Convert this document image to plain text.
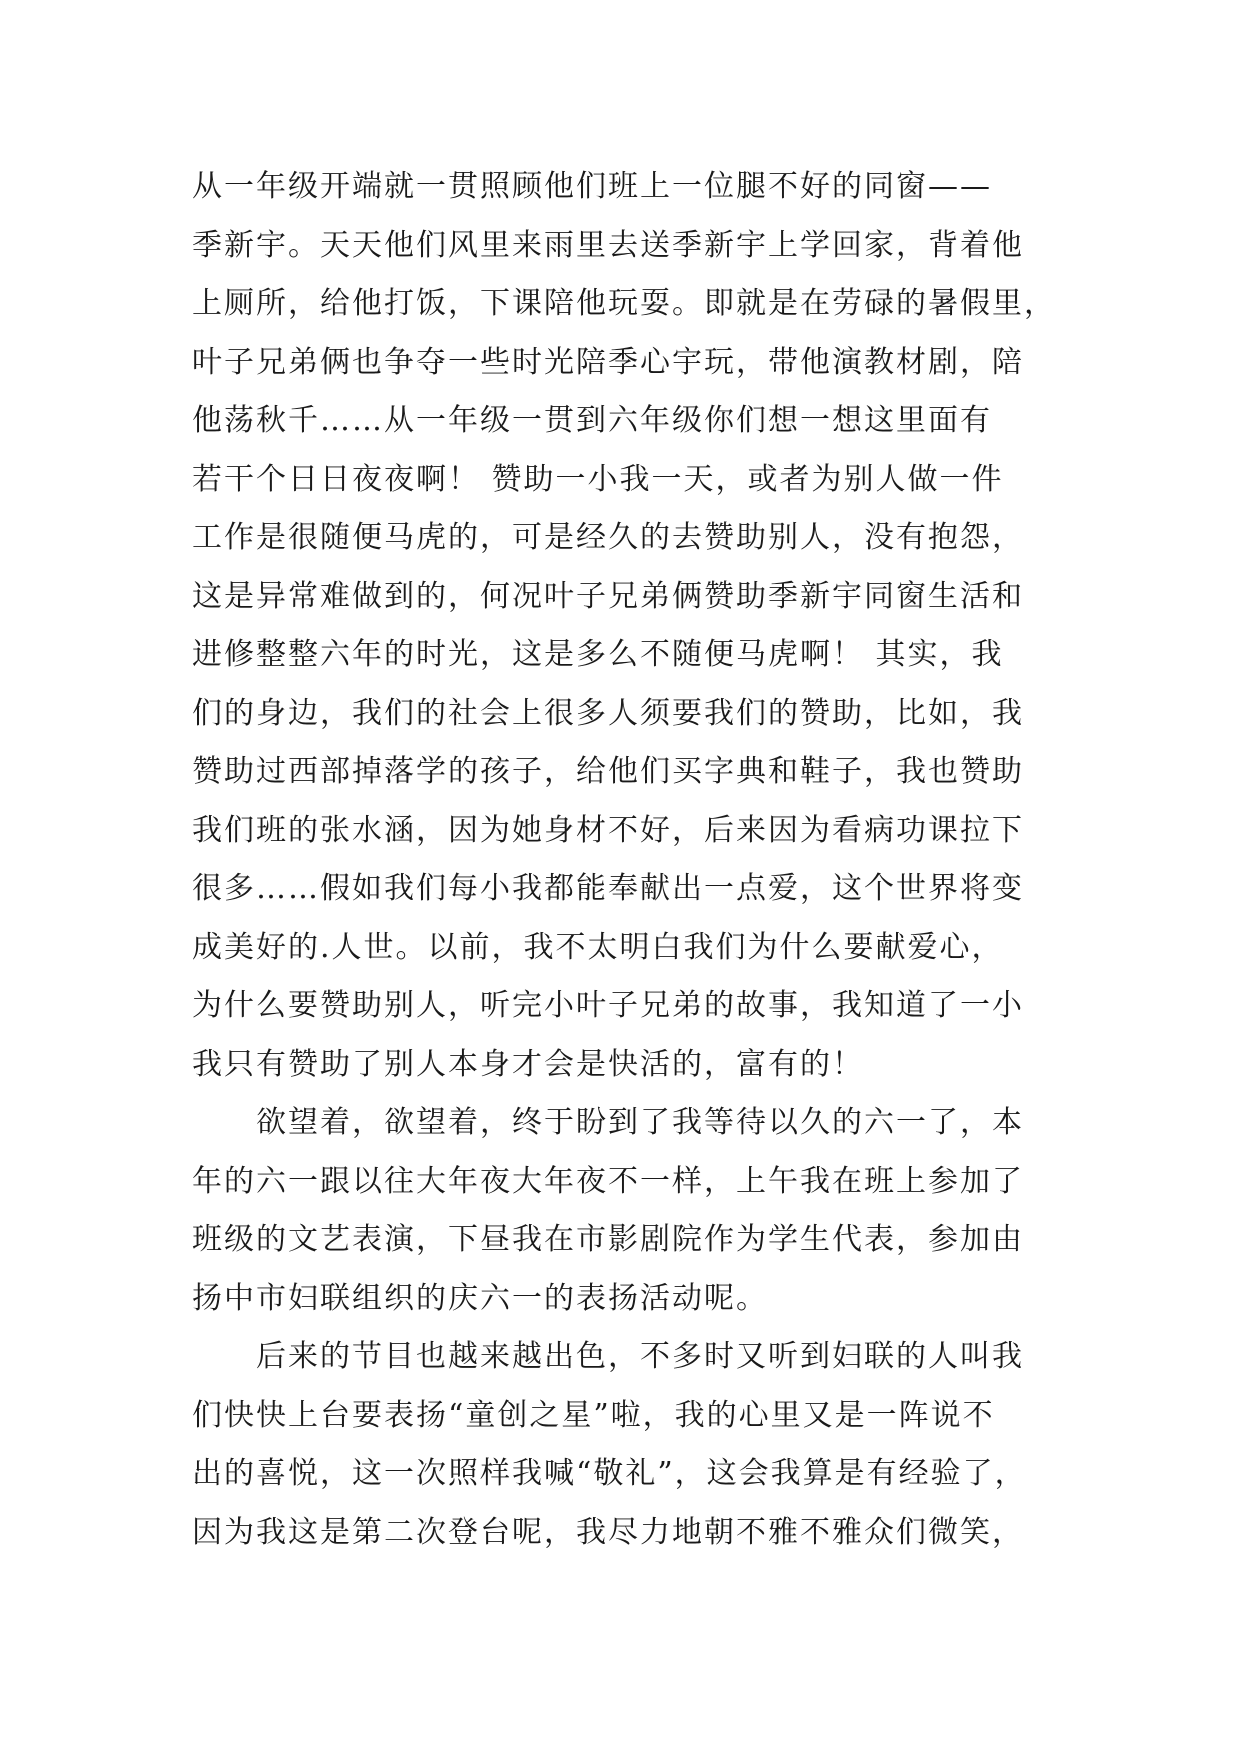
从一年级开端就一贯照顾他们班上一位腿不好的同窗——
季新宇。天天他们风里来雨里去送季新宇上学回家，背着他
上厕所，给他打饭，下课陪他玩耍。即就是在劳碌的暑假里，
叶子兄弟俩也争夺一些时光陪季心宇玩，带他演教材剧，陪
他荡秋千……从一年级一贯到六年级你们想一想这里面有
若干个日日夜夜啊！ 赞助一小我一天，或者为别人做一件
工作是很随便马虎的，可是经久的去赞助别人，没有抱怨，
这是异常难做到的，何况叶子兄弟俩赞助季新宇同窗生活和
进修整整六年的时光，这是多么不随便马虎啊！ 其实，我
们的身边，我们的社会上很多人须要我们的赞助，比如，我
赞助过西部掉落学的孩子，给他们买字典和鞋子，我也赞助
我们班的张水涵，因为她身材不好，后来因为看病功课拉下
很多……假如我们每小我都能奉献出一点爱，这个世界将变
成美好的.人世。以前，我不太明白我们为什么要献爱心，
为什么要赞助别人，听完小叶子兄弟的故事，我知道了一小
我只有赞助了别人本身才会是快活的，富有的！
　　欲望着，欲望着，终于盼到了我等待以久的六一了，本
年的六一跟以往大年夜大年夜不一样，上午我在班上参加了
班级的文艺表演，下昼我在市影剧院作为学生代表，参加由
扬中市妇联组织的庆六一的表扬活动呢。
　　后来的节目也越来越出色，不多时又听到妇联的人叫我
们快快上台要表扬“童创之星”啦，我的心里又是一阵说不
出的喜悦，这一次照样我喊“敬礼”，这会我算是有经验了，
因为我这是第二次登台呢，我尽力地朝不雅不雅众们微笑，
